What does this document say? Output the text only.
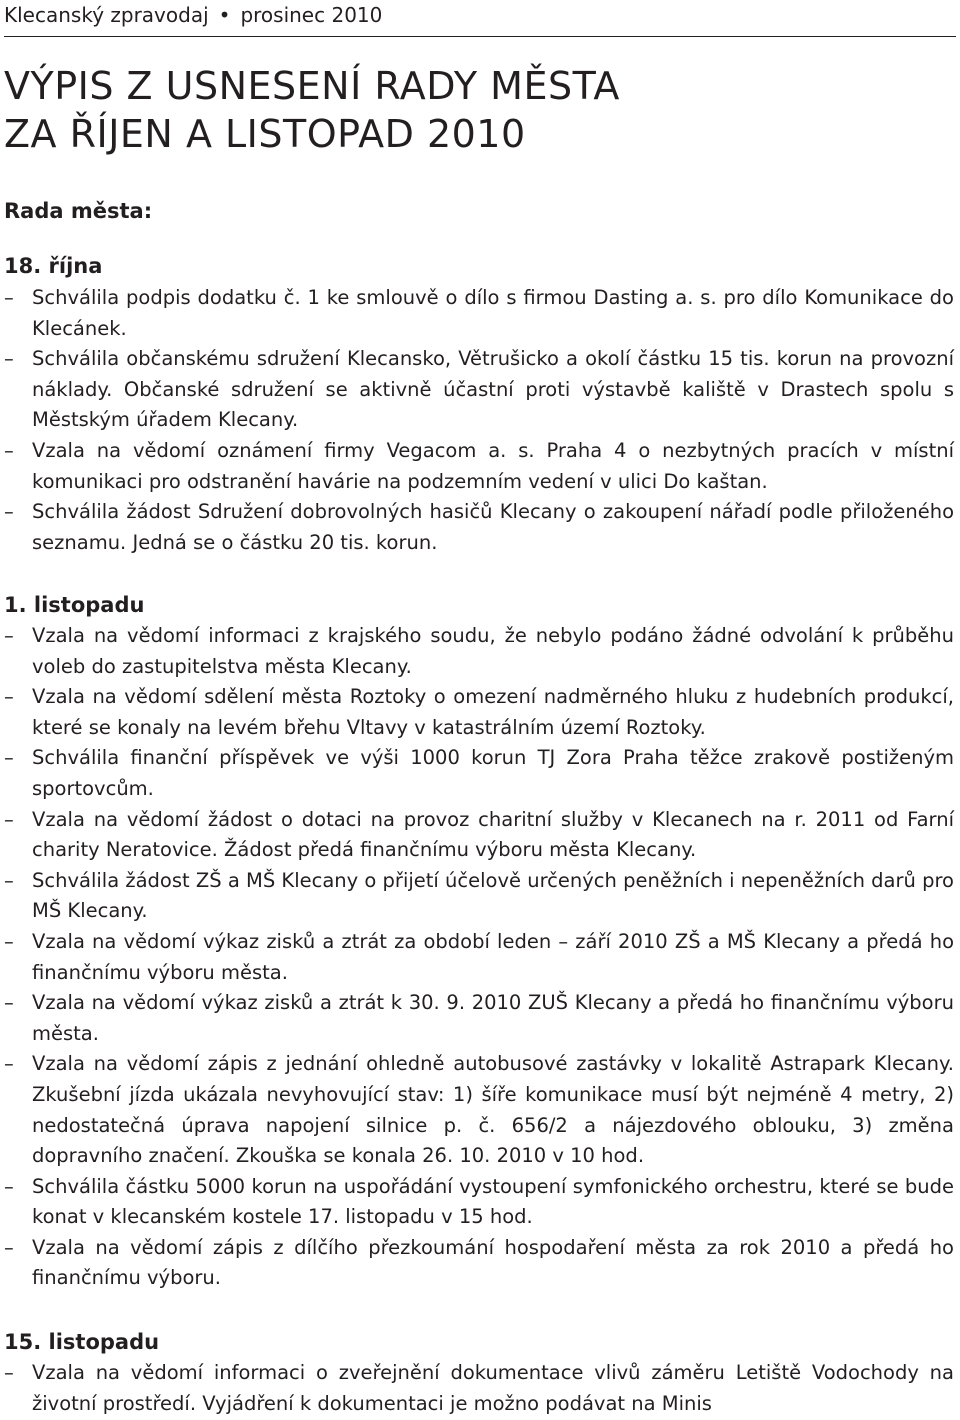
Klecanský zpravodaj • prosinec 2010
VÝPIS Z USNESENÍ RADY MĚSTA
ZA ŘÍJEN A LISTOPAD 2010

Rada města:

18. října

– Schválila podpis dodatku č. 1 ke smlouvě o dílo s firmou Dasting a. s. pro dílo Komunikace do Klecánek.
– Schválila občanskému sdružení Klecansko, Větrušicko a okolí částku 15 tis. korun na provozní náklady. Občanské sdružení se aktivně účastní proti výstavbě kaliště v Drastech spolu s Městským úřadem Klecany.
– Vzala na vědomí oznámení firmy Vegacom a. s. Praha 4 o nezbytných pracích v místní komunikaci pro odstranění havárie na podzemním vedení v ulici Do kaštan.
– Schválila žádost Sdružení dobrovolných hasičů Klecany o zakoupení nářadí podle přiloženého seznamu. Jedná se o částku 20 tis. korun.

1. listopadu

– Vzala na vědomí informaci z krajského soudu, že nebylo podáno žádné odvolání k průběhu voleb do zastupitelstva města Klecany.
– Vzala na vědomí sdělení města Roztoky o omezení nadměrného hluku z hudebních produkcí, které se konaly na levém břehu Vltavy v katastrálním území Roztoky.
– Schválila finanční příspěvek ve výši 1000 korun TJ Zora Praha těžce zrakově postiženým sportovcům.
– Vzala na vědomí žádost o dotaci na provoz charitní služby v Klecanech na r. 2011 od Farní charity Neratovice. Žádost předá finančnímu výboru města Klecany.
– Schválila žádost ZŠ a MŠ Klecany o přijetí účelově určených peněžních i nepeněžních darů pro MŠ Klecany.
– Vzala na vědomí výkaz zisků a ztrát za období leden – září 2010 ZŠ a MŠ Klecany a předá ho finančnímu výboru města.
– Vzala na vědomí výkaz zisků a ztrát k 30. 9. 2010 ZUŠ Klecany a předá ho finančnímu výboru města.
– Vzala na vědomí zápis z jednání ohledně autobusové zastávky v lokalitě Astrapark Klecany. Zkušební jízda ukázala nevyhovující stav: 1) šíře komunikace musí být nejméně 4 metry, 2) nedostatečná úprava napojení silnice p. č. 656/2 a nájezdového oblouku, 3) změna dopravního značení. Zkouška se konala 26. 10. 2010 v 10 hod.
– Schválila částku 5000 korun na uspořádání vystoupení symfonického orchestru, které se bude konat v klecanském kostele 17. listopadu v 15 hod.
– Vzala na vědomí zápis z dílčího přezkoumání hospodaření města za rok 2010 a předá ho finančnímu výboru.

15. listopadu

– Vzala na vědomí informaci o zveřejnění dokumentace vlivů záměru Letiště Vodochody na životní prostředí. Vyjádření k dokumentaci je možno podávat na Minis
